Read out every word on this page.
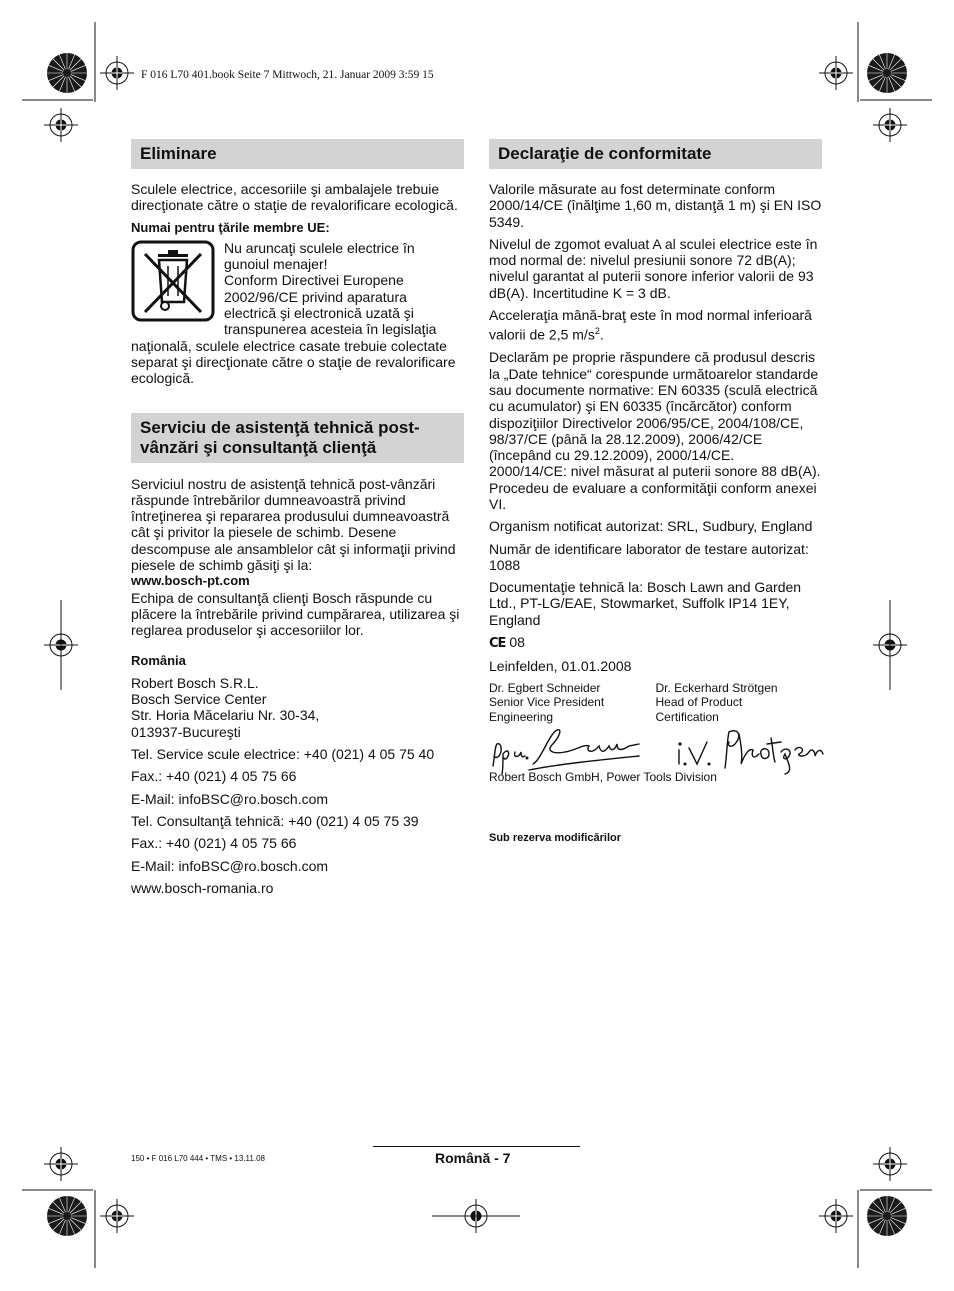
F 016 L70 401.book Seite 7 Mittwoch, 21. Januar 2009 3:59 15
Eliminare

Sculele electrice, accesoriile şi ambalajele trebuie direcţionate către o staţie de revalorificare ecologică.

Numai pentru ţările membre UE:

Nu aruncaţi sculele electrice în

gunoiul menajer!

Conform Directivei Europene

2002/96/CE privind aparatura

electrică şi electronică uzată şi

transpunerea acesteia în legislaţia

naţională, sculele electrice casate trebuie colectate separat şi direcţionate către o staţie de revalorificare ecologică.

Serviciu de asistenţă tehnică post-vânzări şi consultanţă clienţă

Serviciul nostru de asistenţă tehnică post-vânzări răspunde întrebărilor dumneavoastră privind întreţinerea şi repararea produsului dumneavoastră cât şi privitor la piesele de schimb. Desene descompuse ale ansamblelor cât şi informaţii privind piesele de schimb găsiţi şi la:

www.bosch-pt.com

Echipa de consultanţă clienţi Bosch răspunde cu plăcere la întrebările privind cumpărarea, utilizarea şi reglarea produselor şi accesoriilor lor.

România

Robert Bosch S.R.L.

Bosch Service Center

Str. Horia Măcelariu Nr. 30-34,

013937-Bucureşti

Tel. Service scule electrice: +40 (021) 4 05 75 40

Fax.: +40 (021) 4 05 75 66

E-Mail: infoBSC@ro.bosch.com

Tel. Consultanţă tehnică: +40 (021) 4 05 75 39

Fax.: +40 (021) 4 05 75 66

E-Mail: infoBSC@ro.bosch.com

www.bosch-romania.ro

Declaraţie de conformitate

Valorile măsurate au fost determinate conform 2000/14/CE (înălţime 1,60 m, distanţă 1 m) şi EN ISO 5349.

Nivelul de zgomot evaluat A al sculei electrice este în mod normal de: nivelul presiunii sonore 72 dB(A); nivelul garantat al puterii sonore inferior valorii de 93 dB(A). Incertitudine K = 3 dB.

Acceleraţia mână-braţ este în mod normal inferioară valorii de 2,5 $m/s^2$.

Declarăm pe proprie răspundere că produsul descris la „Date tehnice“ corespunde următoarelor standarde sau documente normative: EN 60335 (sculă electrică cu acumulator) şi EN 60335 (încărcător) conform dispoziţiilor Directivelor 2006/95/CE, 2004/108/CE, 98/37/CE (până la 28.12.2009), 2006/42/CE (începând cu 29.12.2009), 2000/14/CE.

2000/14/CE: nivel măsurat al puterii sonore 88 dB(A). Procedeu de evaluare a conformităţii conform anexei VI.

Organism notificat autorizat: SRL, Sudbury, England

Număr de identificare laborator de testare autorizat: 1088

Documentaţie tehnică la: Bosch Lawn and Garden Ltd., PT-LG/EAE, Stowmarket, Suffolk IP14 1EY, England

CE 08

Leinfelden, 01.01.2008

Dr. Egbert Schneider

Senior Vice President

Engineering

Dr. Eckerhard Strötgen

Head of Product

Certification

Robert Bosch GmbH, Power Tools Division

Sub rezerva modificărilor

150 • F 016 L70 444 • TMS • 13.11.08	Română - 7
